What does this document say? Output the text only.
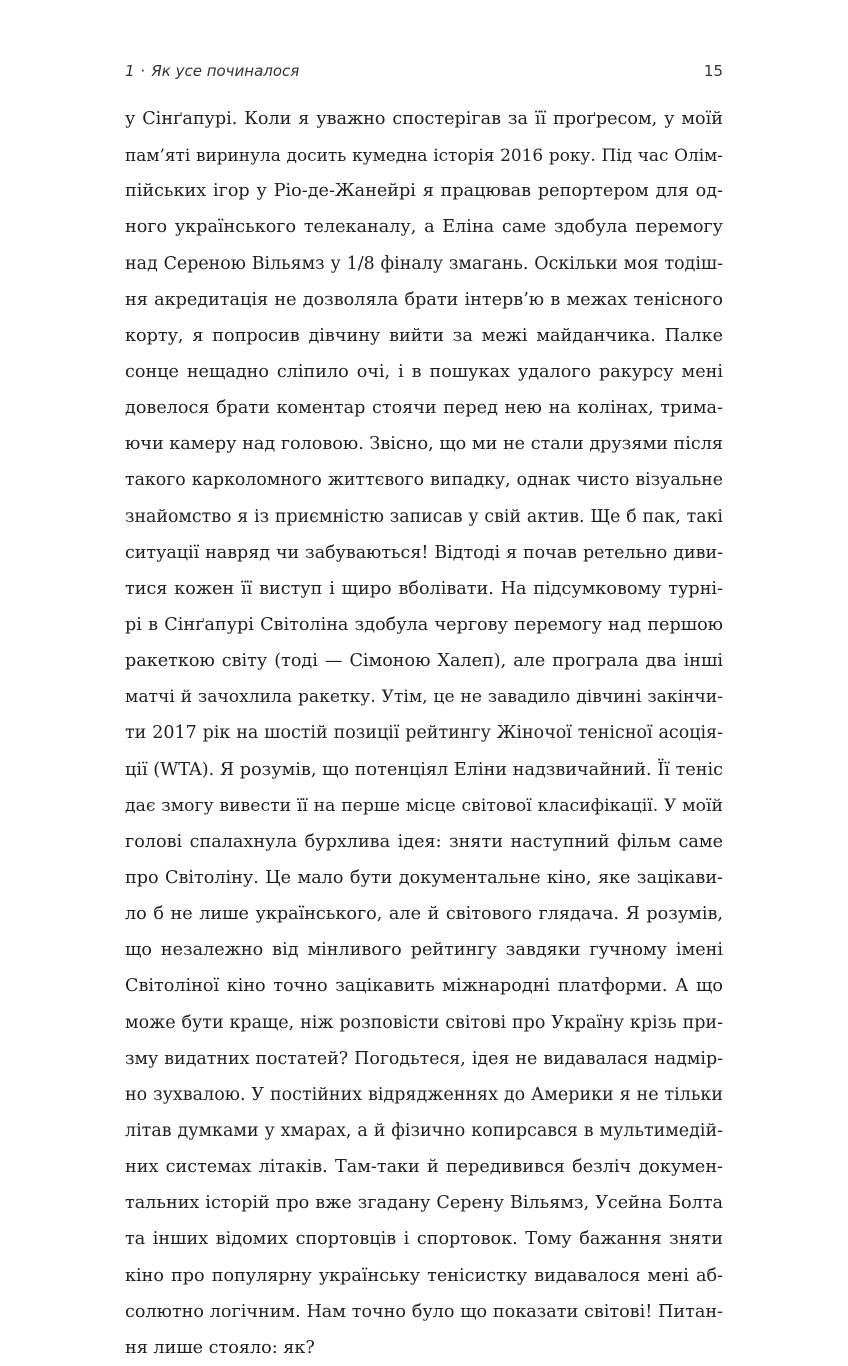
1 · Як усе починалося	15
у Сінґапурі. Коли я уважно спостерігав за її проґресом, у моїй
пам’яті виринула досить кумедна історія 2016 року. Під час Олім-
пійських ігор у Ріо-де-Жанейрі я працював репортером для од-
ного українського телеканалу, а Еліна саме здобула перемогу
над Сереною Вільямз у 1/8 фіналу змагань. Оскільки моя тодіш-
ня акредитація не дозволяла брати інтерв’ю в межах тенісного
корту, я попросив дівчину вийти за межі майданчика. Палке
сонце нещадно сліпило очі, і в пошуках удалого ракурсу мені
довелося брати коментар стоячи перед нею на колінах, трима-
ючи камеру над головою. Звісно, що ми не стали друзями після
такого карколомного життєвого випадку, однак чисто візуальне
знайомство я із приємністю записав у свій актив. Ще б пак, такі
ситуації навряд чи забуваються! Відтоді я почав ретельно диви-
тися кожен її виступ і щиро вболівати. На підсумковому турні-
рі в Сінґапурі Світоліна здобула чергову перемогу над першою
ракеткою світу (тоді — Сімоною Халеп), але програла два інші
матчі й зачохлила ракетку. Утім, це не завадило дівчині закінчи-
ти 2017 рік на шостій позиції рейтингу Жіночої тенісної асоція-
ції (WTA). Я розумів, що потенціял Еліни надзвичайний. Її теніс
дає змогу вивести її на перше місце світової класифікації. У моїй
голові спалахнула бурхлива ідея: зняти наступний фільм саме
про Світоліну. Це мало бути документальне кіно, яке зацікави-
ло б не лише українського, але й світового глядача. Я розумів,
що незалежно від мінливого рейтингу завдяки гучному імені
Світоліної кіно точно зацікавить міжнародні платформи. А що
може бути краще, ніж розповісти світові про Україну крізь при-
зму видатних постатей? Погодьтеся, ідея не видавалася надмір-
но зухвалою. У постійних відрядженнях до Америки я не тільки
літав думками у хмарах, а й фізично копирсався в мультимедій-
них системах літаків. Там-таки й передивився безліч докумен-
тальних історій про вже згадану Серену Вільямз, Усейна Болта
та інших відомих спортовців і спортовок. Тому бажання зняти
кіно про популярну українську тенісистку видавалося мені аб-
солютно логічним. Нам точно було що показати світові! Питан-
ня лише стояло: як?
